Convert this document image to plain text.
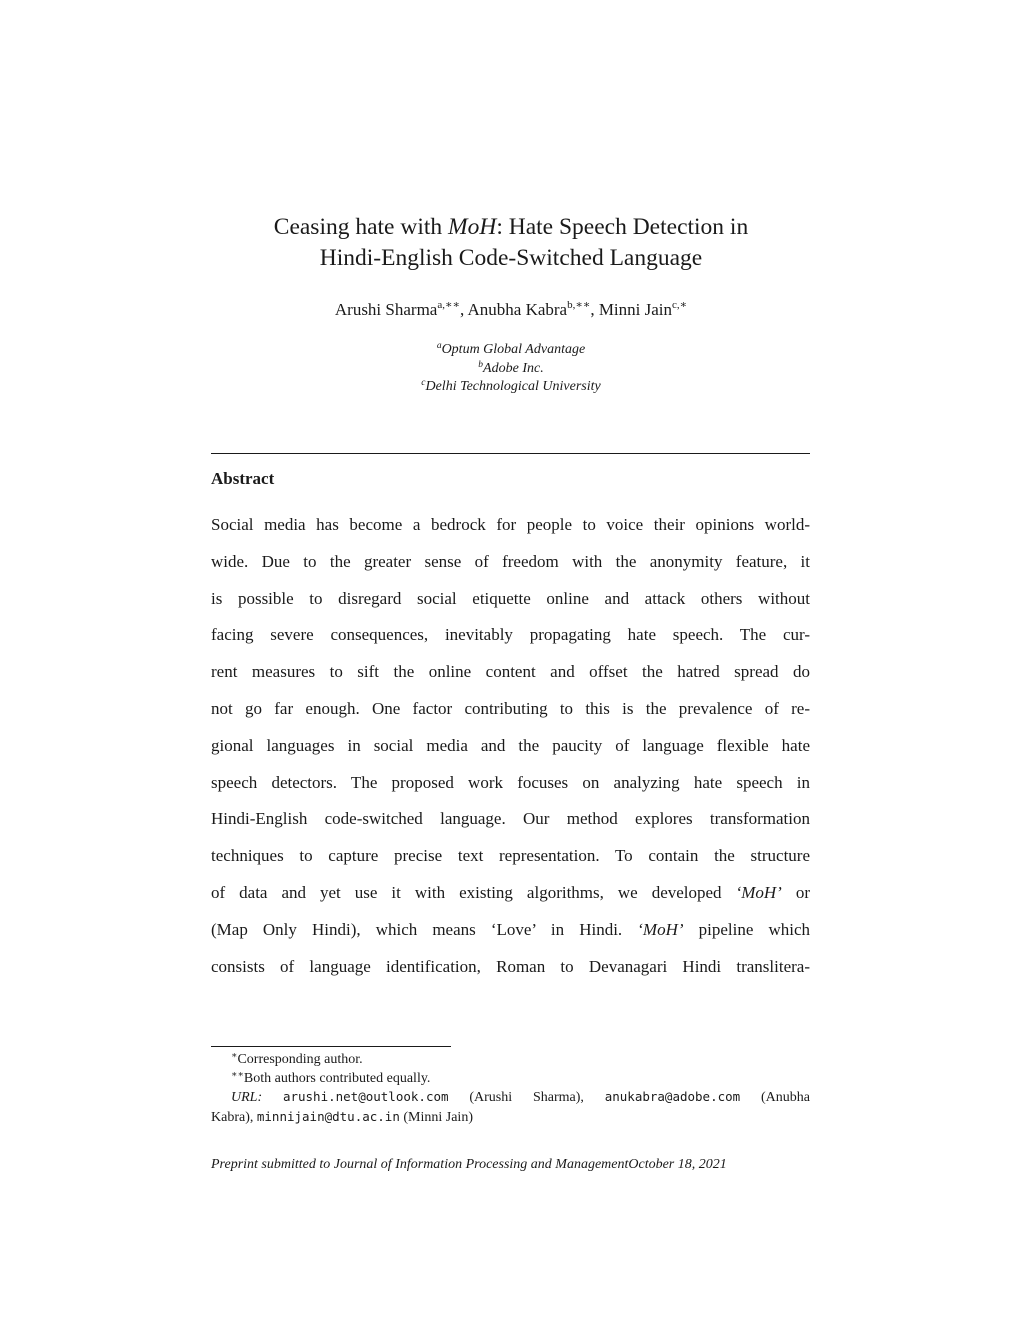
Ceasing hate with MoH: Hate Speech Detection in
Hindi-English Code-Switched Language
Arushi Sharma$^{a,∗∗}$, Anubha Kabra$^{b,∗∗}$, Minni Jain$^{c,∗}$
$^a$Optum Global Advantage
$^b$Adobe Inc.
$^c$Delhi Technological University
Abstract
Social media has become a bedrock for people to voice their opinions world-
wide. Due to the greater sense of freedom with the anonymity feature, it
is possible to disregard social etiquette online and attack others without
facing severe consequences, inevitably propagating hate speech. The cur-
rent measures to sift the online content and offset the hatred spread do
not go far enough. One factor contributing to this is the prevalence of re-
gional languages in social media and the paucity of language flexible hate
speech detectors. The proposed work focuses on analyzing hate speech in
Hindi-English code-switched language. Our method explores transformation
techniques to capture precise text representation. To contain the structure
of data and yet use it with existing algorithms, we developed ‘MoH’ or
(Map Only Hindi), which means ‘Love’ in Hindi. ‘MoH’ pipeline which
consists of language identification, Roman to Devanagari Hindi translitera-
∗Corresponding author.
∗∗Both authors contributed equally.
URL: arushi.net@outlook.com (Arushi Sharma), anukabra@adobe.com (Anubha
Kabra), minnijain@dtu.ac.in (Minni Jain)
Preprint submitted to Journal of Information Processing and ManagementOctober 18, 2021
